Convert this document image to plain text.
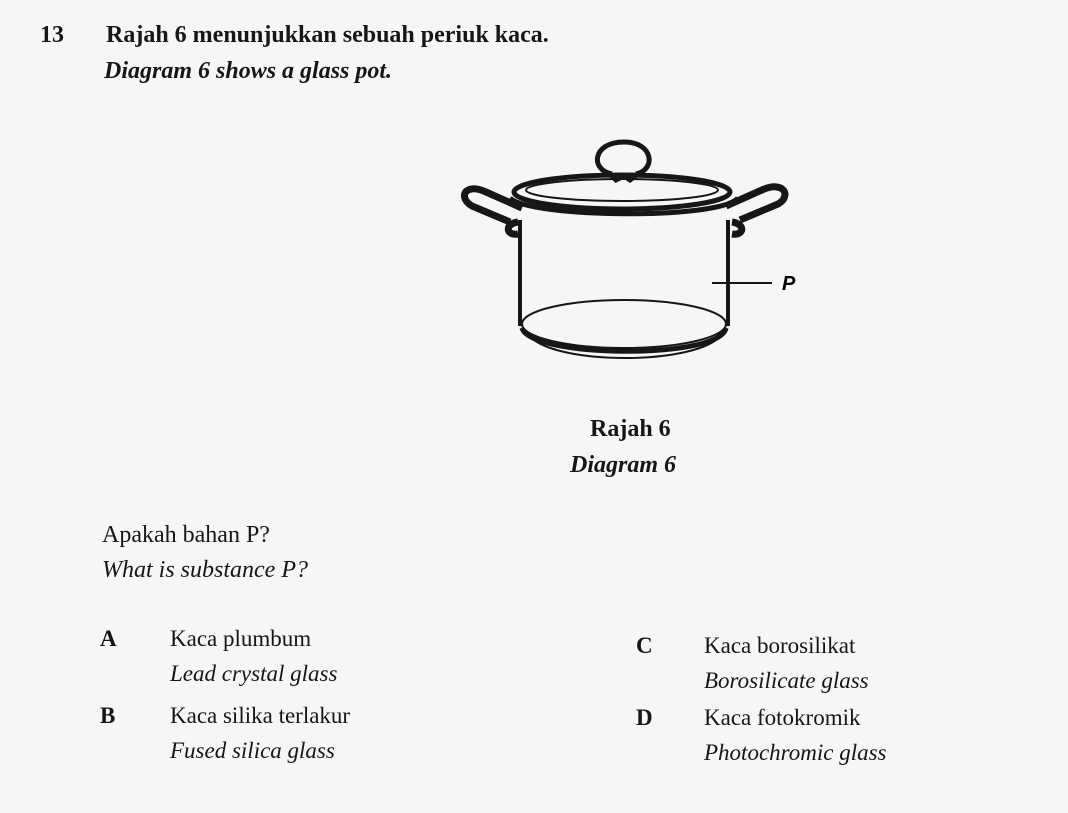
13 Rajah 6 menunjukkan sebuah periuk kaca.
Diagram 6 shows a glass pot.
P
Rajah 6
Diagram 6
Apakah bahan P?
What is substance P?
A Kaca plumbum
Lead crystal glass
B Kaca silika terlakur
Fused silica glass
C Kaca borosilikat
Borosilicate glass
D Kaca fotokromik
Photochromic glass
